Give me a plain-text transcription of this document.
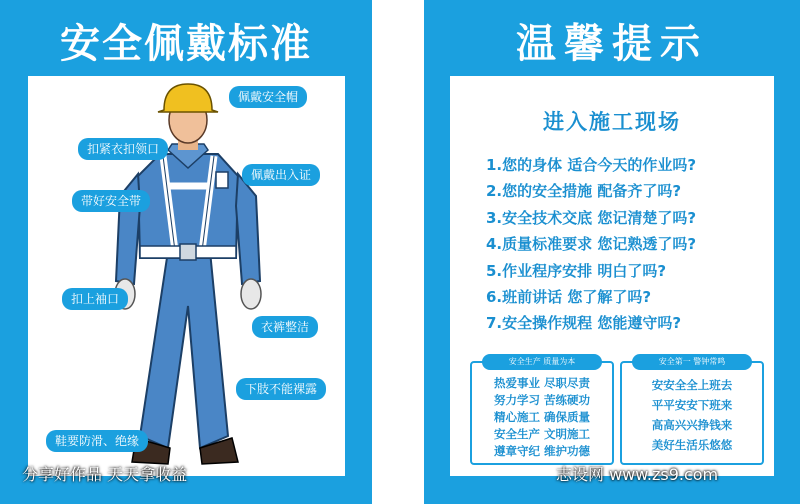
安全佩戴标准
佩戴安全帽
扣紧衣扣领口
佩戴出入证
带好安全带
扣上袖口
衣裤整洁
下肢不能裸露
鞋要防滑、绝缘
温馨提示
进入施工现场
1.您的身体 适合今天的作业吗?
2.您的安全措施 配备齐了吗?
3.安全技术交底 您记清楚了吗?
4.质量标准要求 您记熟透了吗?
5.作业程序安排 明白了吗?
6.班前讲话 您了解了吗?
7.安全操作规程 您能遵守吗?
安全生产 质量为本
热爱事业 尽职尽责
努力学习 苦练硬功
精心施工 确保质量
安全生产 文明施工
遵章守纪 维护功德
安全第一 警钟常鸣
安安全全上班去
平平安安下班来
高高兴兴挣钱来
美好生活乐悠悠
分享好作品 天天拿收益	志设网 www.zs9.com
